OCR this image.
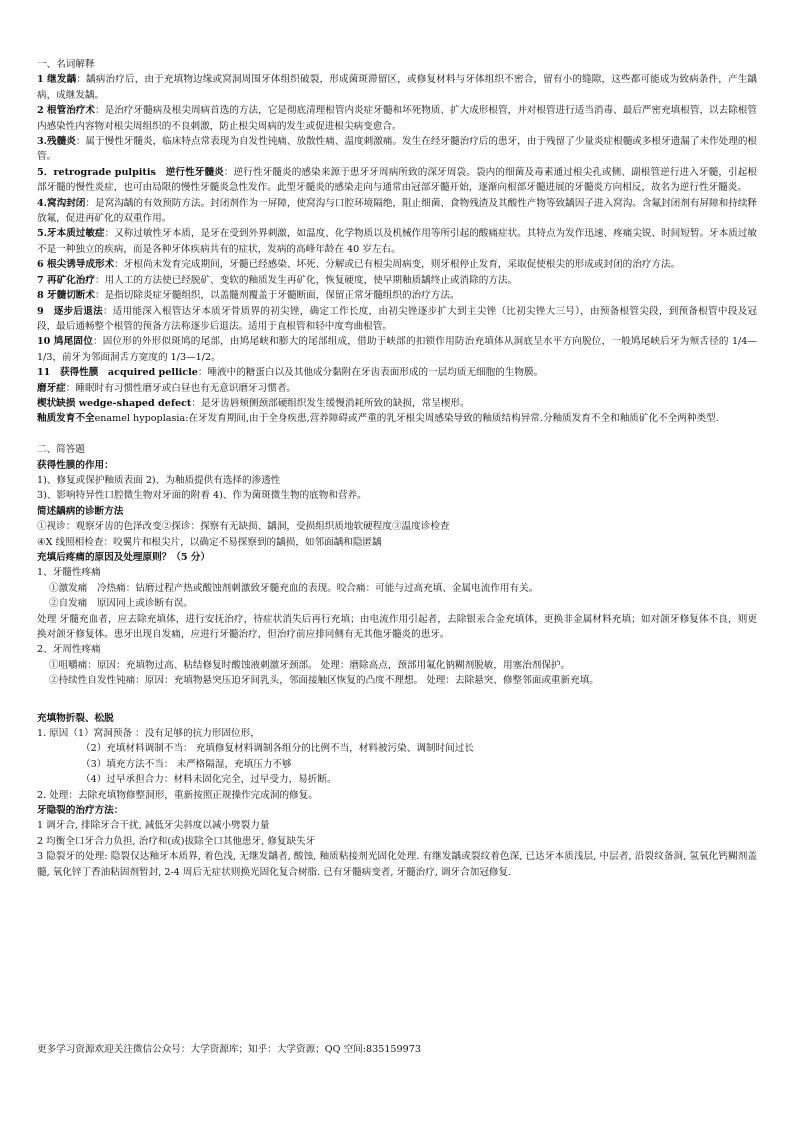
一、名词解释

1 继发龋：龋病治疗后，由于充填物边缘或窝洞周围牙体组织破裂，形成菌斑滞留区，或修复材料与牙体组织不密合，留有小的缝隙，这些都可能成为致病条件，产生龋病，成继发龋。

2 根管治疗术：是治疗牙髓病及根尖周病首选的方法，它是彻底清理根管内炎症牙髓和坏死物质、扩大成形根管，并对根管进行适当消毒、最后严密充填根管，以去除根管内感染性内容物对根尖周组织的不良刺激，防止根尖周病的发生或促进根尖病变愈合。

3.残髓炎：属于慢性牙髓炎，临床特点常表现为自发性钝痛、放散性痛、温度刺激痛。发生在经牙髓治疗后的患牙，由于残留了少量炎症根髓或多根牙遗漏了未作处理的根管。

5．retrograde pulpitis　逆行性牙髓炎：逆行性牙髓炎的感染来源于患牙牙周病所致的深牙周袋。袋内的细菌及毒素通过根尖孔或侧、副根管逆行进入牙髓，引起根部牙髓的慢性炎症，也可由局限的慢性牙髓炎急性发作。此型牙髓炎的感染走向与通常由冠部牙髓开始，逐渐向根部牙髓进展的牙髓炎方向相反，故名为逆行性牙髓炎。

4.窝沟封闭：是窝沟龋的有效预防方法。封闭剂作为一屏障，使窝沟与口腔环境隔绝，阻止细菌、食物残渣及其酸性产物等致龋因子进入窝沟。含氟封闭剂有屏障和持续释放氟，促进再矿化的双重作用。

5.牙本质过敏症：又称过敏性牙本质，是牙在受到外界刺激，如温度、化学物质以及机械作用等所引起的酸痛症状。其特点为发作迅速、疼痛尖锐、时间短暂。牙本质过敏不是一种独立的疾病，而是各种牙体疾病共有的症状，发病的高峰年龄在 40 岁左右。

6 根尖诱导成形术：牙根尚未发育完成期间，牙髓已经感染、坏死、分解或已有根尖周病变，则牙根停止发育，采取促使根尖的形成或封闭的治疗方法。

7 再矿化治疗：用人工的方法使已经脱矿、变软的釉质发生再矿化，恢复硬度，使早期釉质龋终止或消除的方法。

8 牙髓切断术：是指切除炎症牙髓组织，以盖髓剂覆盖于牙髓断面，保留正常牙髓组织的治疗方法。

9　逐步后退法：适用能深入根管达牙本质牙骨质界的初尖锉，确定工作长度，由初尖锉逐步扩大到主尖锉（比初尖锉大三号），由预备根管尖段，到预备根管中段及冠段，最后通畅整个根管的预备方法称逐步后退法。适用于直根管和轻中度弯曲根管。

10 鸠尾固位：固位形的外形似斑鸠的尾部，由鸠尾峡和膨大的尾部组成，借助于峡部的扣锁作用防治充填体从洞底呈水平方向脱位，一般鸠尾峡后牙为颊舌径的 1/4—1/3，前牙为邻面洞舌方宽度的 1/3—1/2。

11　获得性膜　acquired pellicle：唾液中的糖蛋白以及其他成分黏附在牙齿表面形成的一层均质无细胞的生物膜。

磨牙症：睡眠时有习惯性磨牙或白昼也有无意识磨牙习惯者。

楔状缺损 wedge-shaped defect：是牙齿唇颊侧颈部硬组织发生缓慢消耗所致的缺损，常呈楔形。

釉质发育不全enamel hypoplasia:在牙发育期间,由于全身疾患,营养障碍或严重的乳牙根尖周感染导致的釉质结构异常.分釉质发育不全和釉质矿化不全两种类型.

二、简答题

获得性膜的作用：

1)、修复或保护釉质表面 2)、为釉质提供有选择的渗透性

3)、影响特异性口腔微生物对牙面的附着 4)、作为菌斑微生物的底物和营养。

简述龋病的诊断方法

①视诊：观察牙齿的色泽改变②探诊：探察有无缺损、龋洞，受损组织质地软硬程度③温度诊检查

④X 线照相检查：咬翼片和根尖片，以确定不易探察到的龋损，如邻面龋和隐匿龋

充填后疼痛的原因及处理原则？（5 分）

1、牙髓性疼痛

①激发痛　冷热痛：钻磨过程产热或酸蚀剂刺激致牙髓充血的表现。咬合痛：可能与过高充填、金属电流作用有关。

②自发痛　原因同上或诊断有误。

处理 牙髓充血者，应去除充填体，进行安抚治疗，待症状消失后再行充填；由电流作用引起者，去除银汞合金充填体，更换非金属材料充填；如对颌牙修复体不良，则更换对颌牙修复体。患牙出现自发痛，应进行牙髓治疗，但治疗前应排同侧有无其他牙髓炎的患牙。

2、牙周性疼痛

①咀嚼痛：原因：充填物过高、粘结修复时酸蚀液刺激牙颈部。 处理：磨除高点，颈部用氟化钠糊剂脱敏，用塞治剂保护。

②持续性自发性钝痛：原因：充填物悬突压迫牙间乳头，邻面接触区恢复的凸度不理想。 处理：去除悬突、修整邻面或重新充填。

充填物折裂、松脱

1. 原因（1）窝洞预备 ：没有足够的抗力形固位形，

（2）充填材料调制不当： 充填修复材料调制各组分的比例不当，材料被污染、调制时间过长

（3）填充方法不当： 未严格隔湿，充填压力不够

（4）过早承担合力：材料未固化完全，过早受力，易折断。

2. 处理：去除充填物修整洞形，重新按照正规操作完成洞的修复。

牙隐裂的治疗方法：

1 调牙合, 排除牙合干扰, 减低牙尖斜度以减小劈裂力量

2 均衡全口牙合力负担, 治疗和(或)拔除全口其他患牙, 修复缺失牙

3 隐裂牙的处理: 隐裂仅达釉牙本质界, 着色浅, 无继发龋者, 酸蚀, 釉质粘接剂光固化处理. 有继发龋或裂纹着色深, 已达牙本质浅层, 中层者, 沿裂纹备洞, 氢氧化钙糊剂盖髓, 氧化锌丁香油粘固剂暂封, 2-4 周后无症状则换光固化复合树脂. 已有牙髓病变者, 牙髓治疗, 调牙合加冠修复.

更多学习资源欢迎关注微信公众号：大学资源库；知乎：大学资源；QQ 空间:835159973
